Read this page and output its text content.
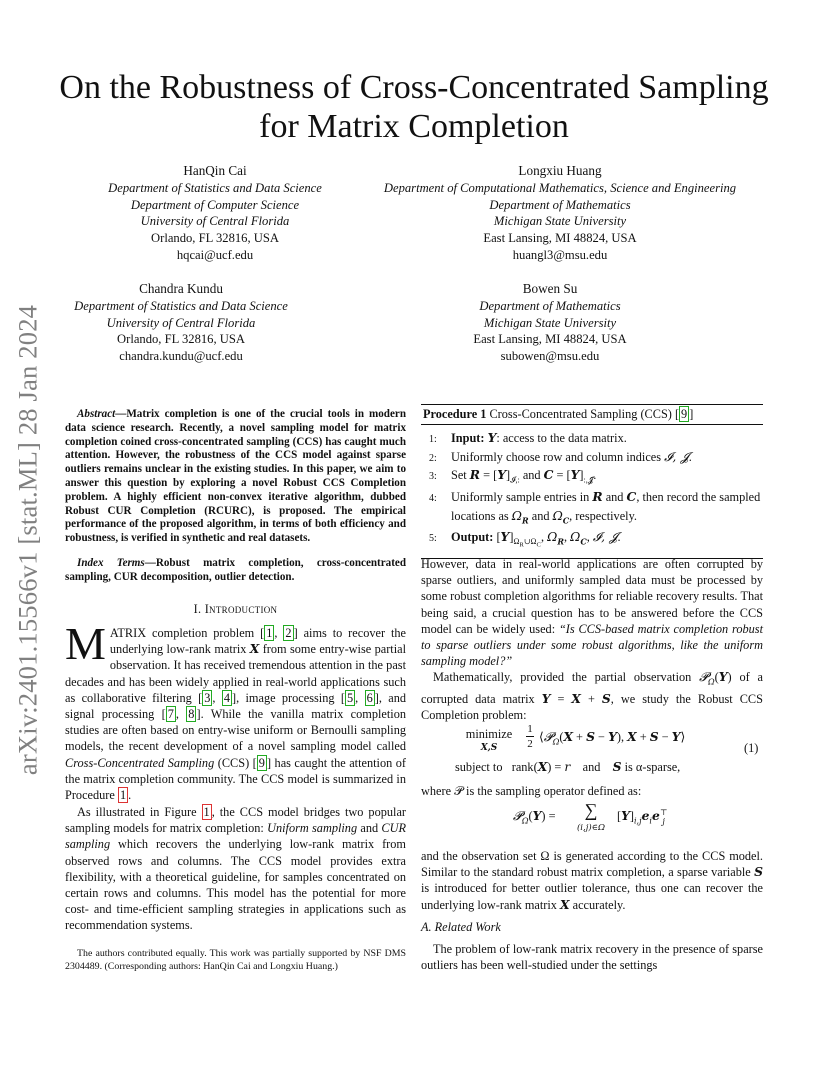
arXiv:2401.15566v1 [stat.ML] 28 Jan 2024
On the Robustness of Cross-Concentrated Sampling
for Matrix Completion
HanQin Cai
Department of Statistics and Data Science
Department of Computer Science
University of Central Florida
Orlando, FL 32816, USA
hqcai@ucf.edu
Longxiu Huang
Department of Computational Mathematics, Science and Engineering
Department of Mathematics
Michigan State University
East Lansing, MI 48824, USA
huangl3@msu.edu
Chandra Kundu
Department of Statistics and Data Science
University of Central Florida
Orlando, FL 32816, USA
chandra.kundu@ucf.edu
Bowen Su
Department of Mathematics
Michigan State University
East Lansing, MI 48824, USA
subowen@msu.edu
Abstract—Matrix completion is one of the crucial tools in modern data science research. Recently, a novel sampling model for matrix completion coined cross-concentrated sampling (CCS) has caught much attention. However, the robustness of the CCS model against sparse outliers remains unclear in the existing studies. In this paper, we aim to answer this question by exploring a novel Robust CCS Completion problem. A highly efficient non-convex iterative algorithm, dubbed Robust CUR Completion (RCURC), is proposed. The empirical performance of the proposed algorithm, in terms of both efficiency and robustness, is verified in synthetic and real datasets.
Index Terms—Robust matrix completion, cross-concentrated sampling, CUR decomposition, outlier detection.
I. Introduction
MATRIX completion problem [ 1 , 2 ] aims to recover the underlying low-rank matrix X from some entry-wise partial observation. It has received tremendous attention in the past decades and has been widely applied in real-world applications such as collaborative filtering [ 3 , 4 ], image processing [ 5 , 6 ], and signal processing [ 7 , 8 ]. While the vanilla matrix completion studies are often based on entry-wise uniform or Bernoulli sampling models, the recent development of a novel sampling model called Cross-Concentrated Sampling (CCS) [ 9 ] has caught the attention of the matrix completion community. The CCS model is summarized in Procedure 1 .
As illustrated in Figure 1 , the CCS model bridges two popular sampling models for matrix completion: Uniform sampling and CUR sampling which recovers the underlying low-rank matrix from observed rows and columns. The CCS model provides extra flexibility, with a theoretical guideline, for samples concentrated on certain rows and columns. This model has the potential for more cost- and time-efficient sampling strategies in applications such as recommendation systems.
The authors contributed equally. This work was partially supported by NSF DMS 2304489. (Corresponding authors: HanQin Cai and Longxiu Huang.)
Procedure 1 Cross-Concentrated Sampling (CCS) [ 9 ]
1: Input: Y: access to the data matrix.
2: Uniformly choose row and column indices 𝓘, 𝓙.
3: Set $R = [Y]_{𝓘,:}$ and $C = [Y]_{:,𝓙}$.
4: Uniformly sample entries in R and C, then record the sampled locations as $\Omega_R$ and $\Omega_C$, respectively.
5: Output: $[Y]_{\Omega_R\cup\Omega_C}$, $\Omega_R$, $\Omega_C$, 𝓘, 𝓙.
However, data in real-world applications are often corrupted by sparse outliers, and uniformly sampled data must be processed by some robust completion algorithms for reliable recovery results. That being said, a crucial question has to be answered before the CCS model can be widely used: “Is CCS-based matrix completion robust to sparse outliers under some robust algorithms, like the uniform sampling model?”
Mathematically, provided the partial observation 𝓟$_\Omega$(Y) of a corrupted data matrix Y = X + S, we study the Robust CCS Completion problem:
minimize
X,S
1
2 ⟨𝓟$_\Omega$(X + S − Y), X + S − Y⟩
(1)
subject to rank(X) = r and S is α-sparse,
where 𝒫 is the sampling operator defined as:
𝓟$_\Omega$(Y) =	∑
(i,j)∈Ω
$[Y]_{i,j}e_ie^⊤_j$
and the observation set Ω is generated according to the CCS model. Similar to the standard robust matrix completion, a sparse variable S is introduced for better outlier tolerance, thus one can recover the underlying low-rank matrix X accurately.
A. Related Work
The problem of low-rank matrix recovery in the presence of sparse outliers has been well-studied under the settings
